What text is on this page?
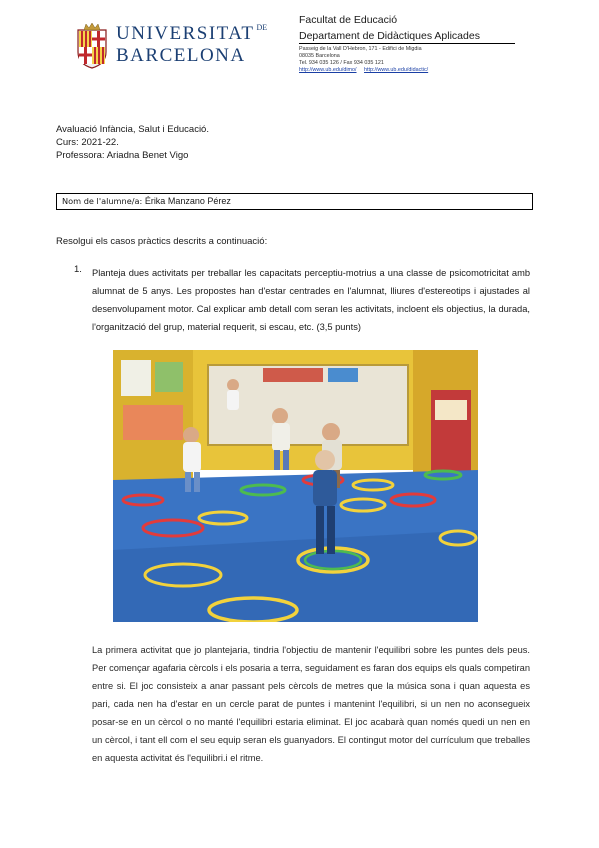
UNIVERSITAT $^{DE}$
BARCELONA
Facultat de Educació
Departament de Didàctiques Aplicades
Passeig de la Vall D'Hebron, 171 - Edifici de Migdia
08035 Barcelona
Tel. 934 035 126 / Fax 934 035 121
http://www.ub.edu/dimo/ http://www.ub.edu/didactic/
Avaluació Infància, Salut i Educació.
Curs: 2021-22.
Professora: Ariadna Benet Vigo
Nom de l'alumne/a: Érika Manzano Pérez
Resolgui els casos pràctics descrits a continuació:
1. Planteja dues activitats per treballar les capacitats perceptiu-motrius a una classe de psicomotricitat amb alumnat de 5 anys. Les propostes han d'estar centrades en l'alumnat, lliures d'estereotips i ajustades al desenvolupament motor. Cal explicar amb detall com seran les activitats, incloent els objectius, la durada, l'organització del grup, material requerit, si escau, etc. (3,5 punts)
La primera activitat que jo plantejaria, tindria l'objectiu de mantenir l'equilibri sobre les puntes dels peus. Per començar agafaria cèrcols i els posaria a terra, seguidament es faran dos equips els quals competiran entre si. El joc consisteix a anar passant pels cèrcols de metres que la música sona i quan aquesta es pari, cada nen ha d'estar en un cercle parat de puntes i mantenint l'equilibri, si un nen no aconsegueix posar-se en un cèrcol o no manté l'equilibri estaria eliminat. El joc acabarà quan només quedi un nen en un cèrcol, i tant ell com el seu equip seran els guanyadors. El contingut motor del currículum que treballes en aquesta activitat és l'equilibri.i el ritme.
